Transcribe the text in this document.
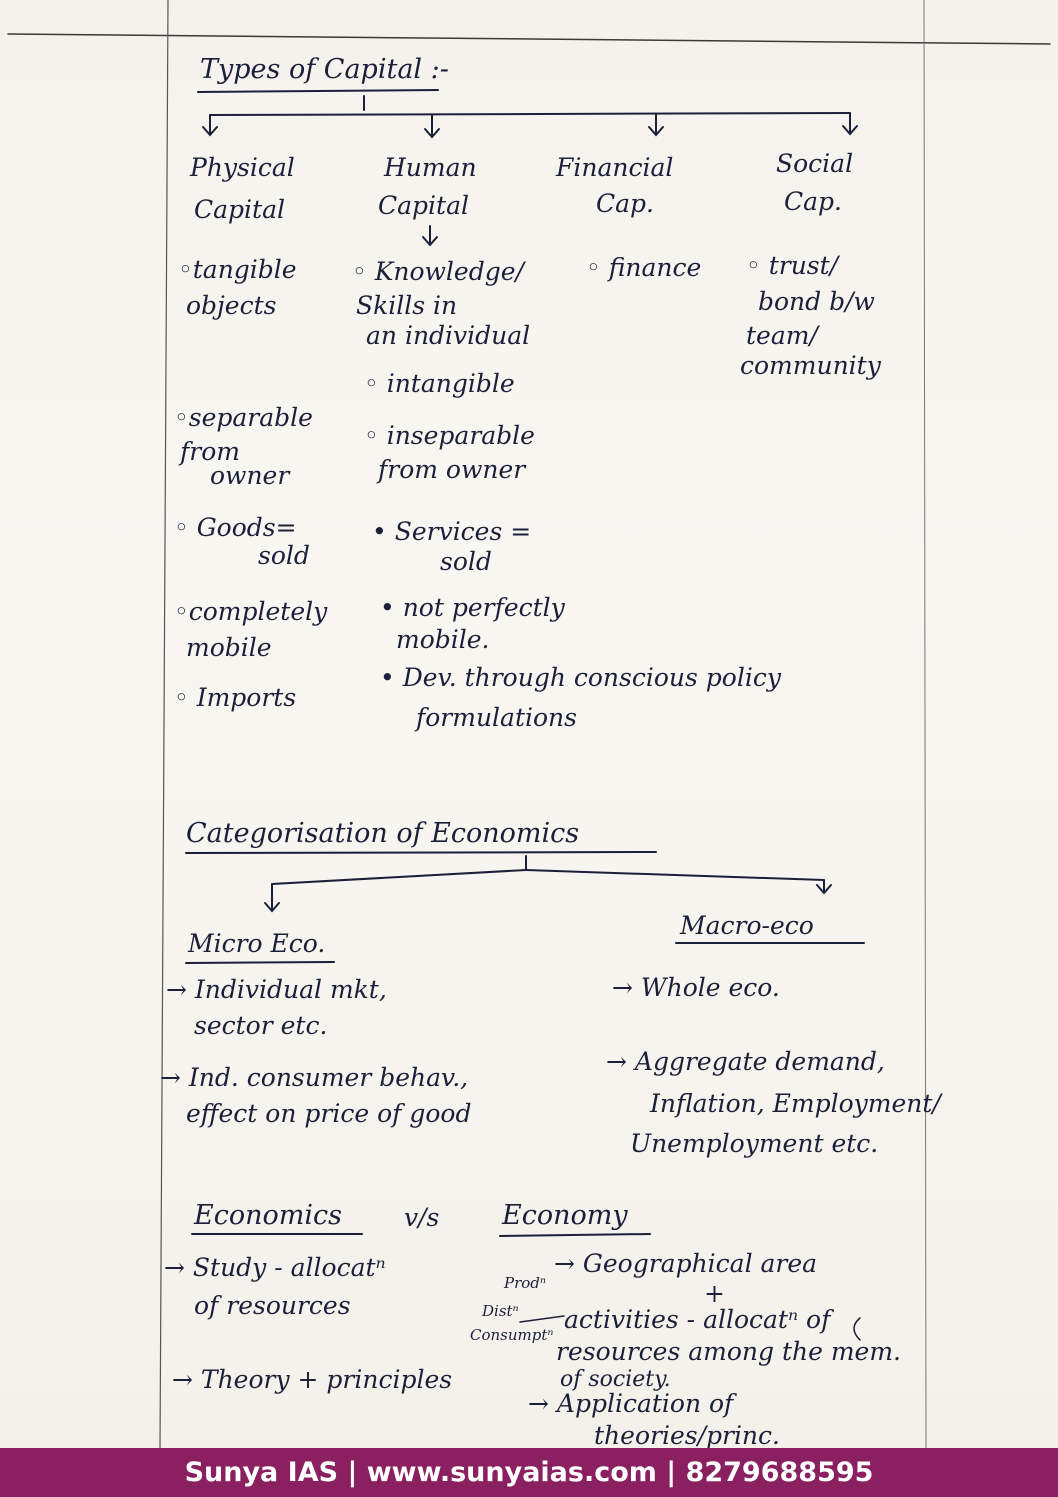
Types of Capital :-
Physical
Capital
◦tangible
objects
◦separable
from
owner
◦ Goods=
sold
◦completely
mobile
◦ Imports
Human
Capital
◦ Knowledge/
Skills in
an individual
◦ intangible
◦ inseparable
from owner
• Services =
sold
• not perfectly
mobile.
• Dev. through conscious policy
formulations
Financial
Cap.
◦ finance
Social
Cap.
◦ trust/
bond b/w
team/
community
Categorisation of Economics
Micro Eco.
→ Individual mkt,
sector etc.
→ Ind. consumer behav.,
effect on price of good
Macro-eco
→ Whole eco.
→ Aggregate demand,
Inflation, Employment/
Unemployment etc.
Economics v/s Economy
→ Study - allocatⁿ
of resources
→ Theory + principles
→ Geographical area
+
activities - allocatⁿ of
resources among the mem.
of society.
→ Application of
theories/princ.
Prodⁿ
Distⁿ
Consumptⁿ
Sunya IAS | www.sunyaias.com | 8279688595
